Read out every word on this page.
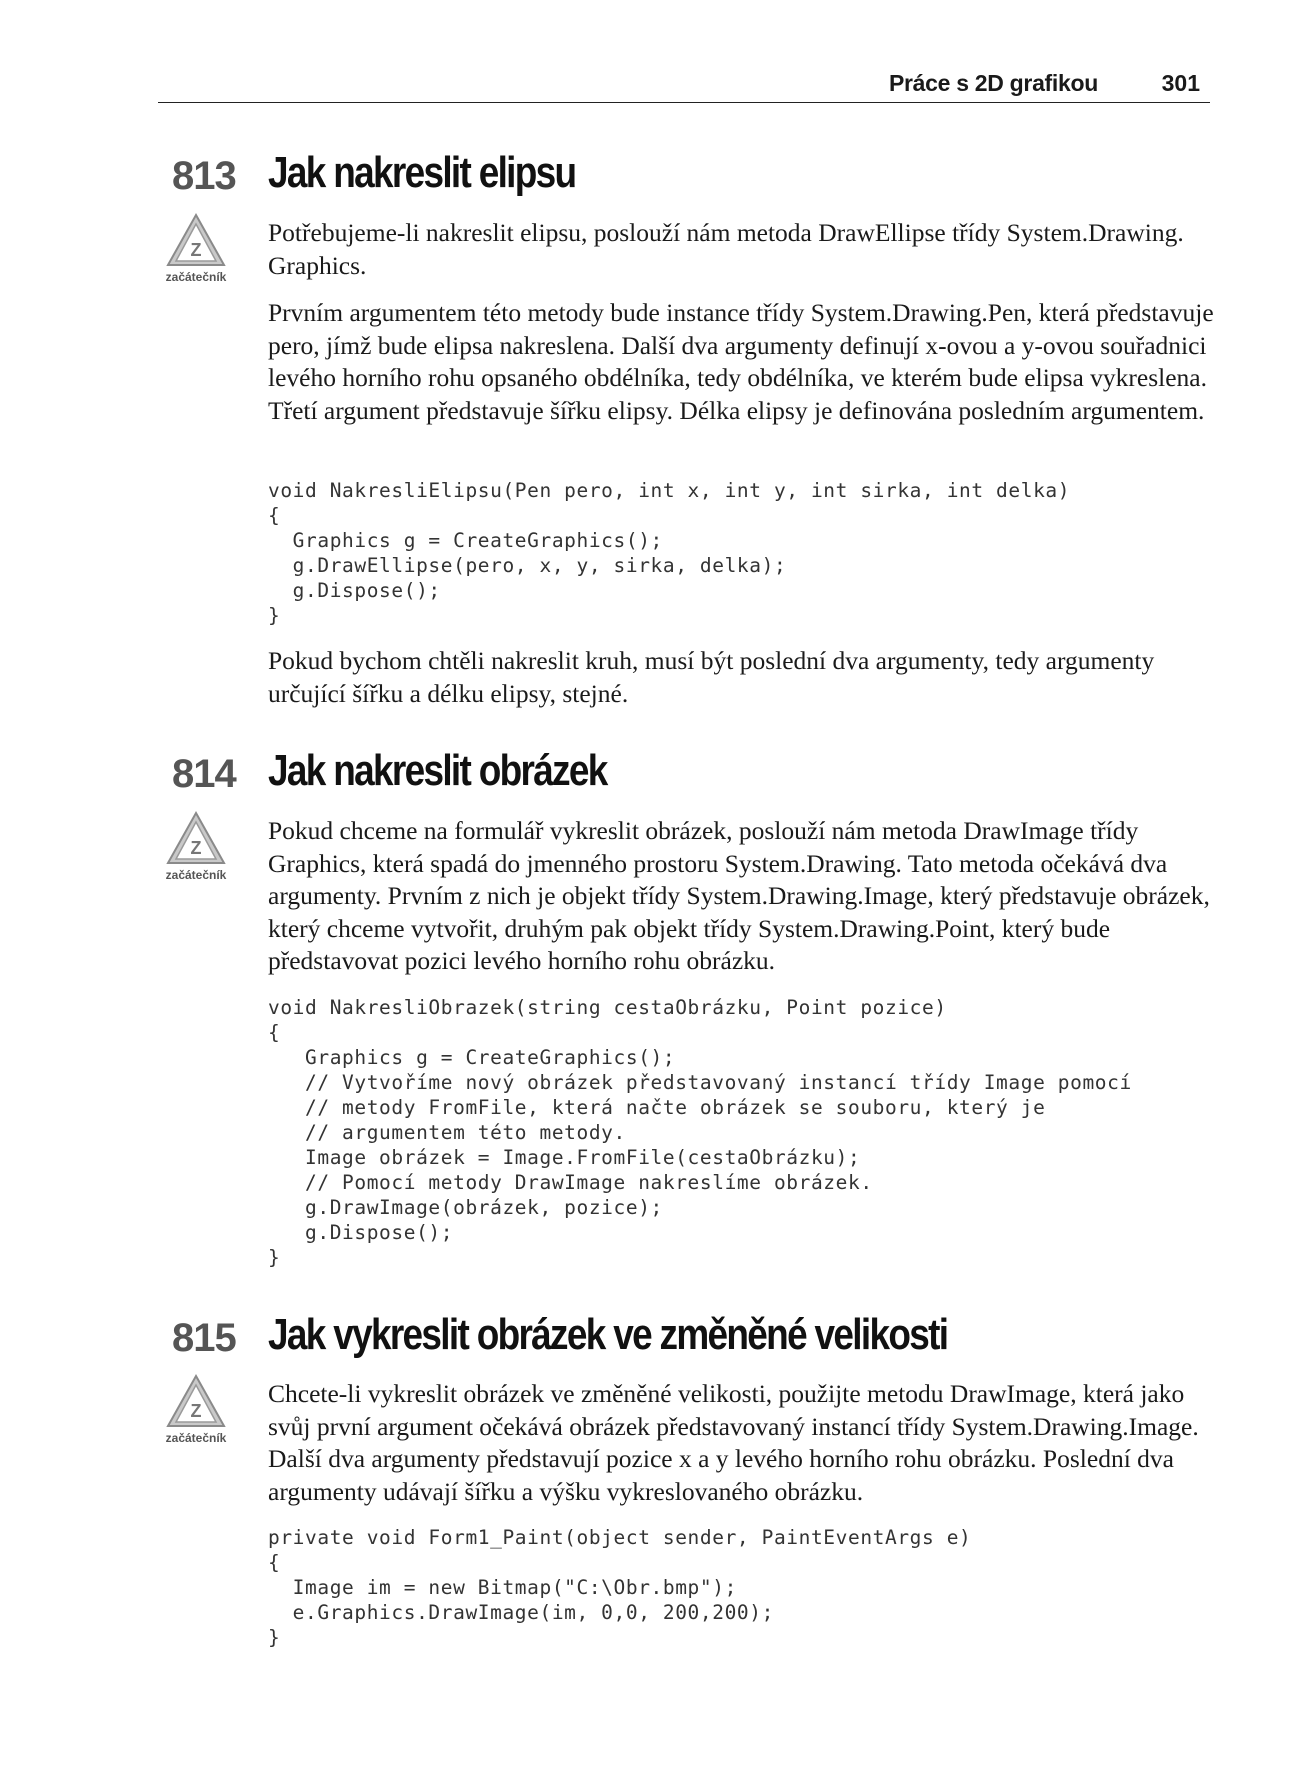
Práce s 2D grafikou	301
813 Jak nakreslit elipsu
Z
začátečník

Potřebujeme-li nakreslit elipsu, poslouží nám metoda DrawEllipse třídy System.Drawing. Graphics.

Prvním argumentem této metody bude instance třídy System.Drawing.Pen, která představuje pero, jímž bude elipsa nakreslena. Další dva argumenty definují x-ovou a y-ovou souřadnici levého horního rohu opsaného obdélníka, tedy obdélníka, ve kterém bude elipsa vykreslena. Třetí argument představuje šířku elipsy. Délka elipsy je definována posledním argumentem.

void NakresliElipsu(Pen pero, int x, int y, int sirka, int delka)
{
Graphics g = CreateGraphics();
g.DrawEllipse(pero, x, y, sirka, delka);
g.Dispose();
}

Pokud bychom chtěli nakreslit kruh, musí být poslední dva argumenty, tedy argumenty určující šířku a délku elipsy, stejné.

814 Jak nakreslit obrázek
Z
začátečník

Pokud chceme na formulář vykreslit obrázek, poslouží nám metoda DrawImage třídy Graphics, která spadá do jmenného prostoru System.Drawing. Tato metoda očekává dva argumenty. Prvním z nich je objekt třídy System.Drawing.Image, který představuje obrázek, který chceme vytvořit, druhým pak objekt třídy System.Drawing.Point, který bude představovat pozici levého horního rohu obrázku.

void NakresliObrazek(string cestaObrázku, Point pozice)
{
Graphics g = CreateGraphics();
// Vytvoříme nový obrázek představovaný instancí třídy Image pomocí
// metody FromFile, která načte obrázek se souboru, který je
// argumentem této metody.
Image obrázek = Image.FromFile(cestaObrázku);
// Pomocí metody DrawImage nakreslíme obrázek.
g.DrawImage(obrázek, pozice);
g.Dispose();
}
815 Jak vykreslit obrázek ve změněné velikosti
Z
začátečník

Chcete-li vykreslit obrázek ve změněné velikosti, použijte metodu DrawImage, která jako svůj první argument očekává obrázek představovaný instancí třídy System.Drawing.Image. Další dva argumenty představují pozice x a y levého horního rohu obrázku. Poslední dva argumenty udávají šířku a výšku vykreslovaného obrázku.

private void Form1_Paint(object sender, PaintEventArgs e)
{
Image im = new Bitmap("C:\Obr.bmp");
e.Graphics.DrawImage(im, 0,0, 200,200);
}
